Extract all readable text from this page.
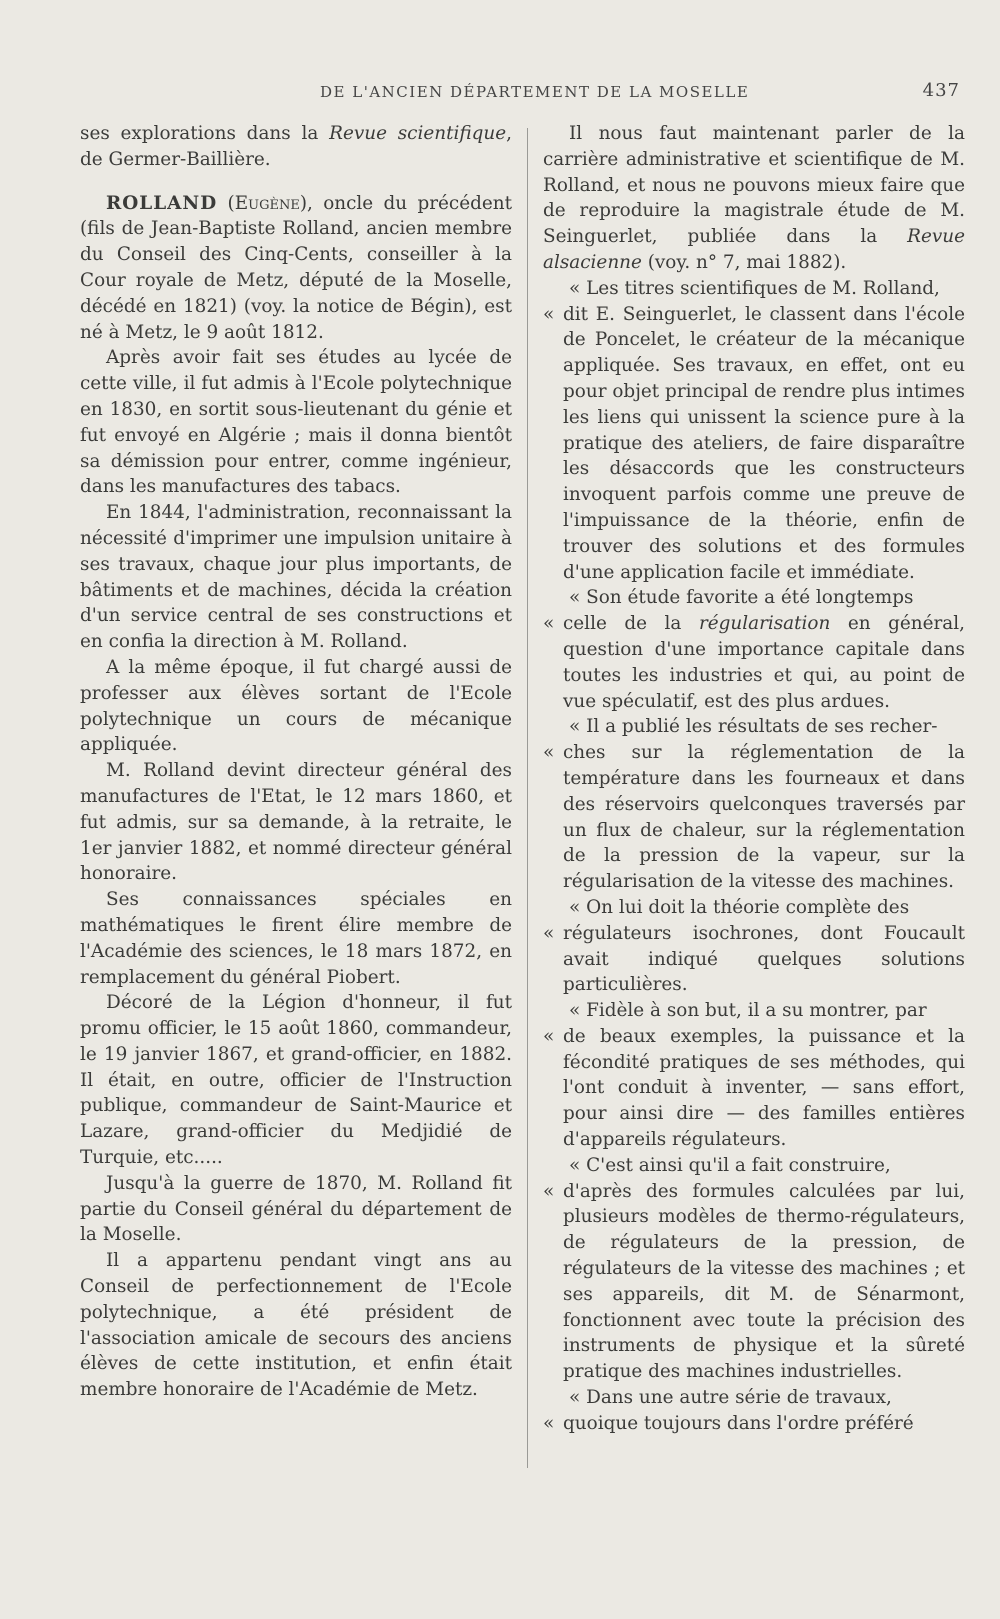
DE L'ANCIEN DÉPARTEMENT DE LA MOSELLE	437

ses explorations dans la Revue scientifique, de Germer-Baillière.

ROLLAND (Eugène), oncle du précédent (fils de Jean-Baptiste Rolland, ancien membre du Conseil des Cinq-Cents, conseiller à la Cour royale de Metz, député de la Moselle, décédé en 1821) (voy. la notice de Bégin), est né à Metz, le 9 août 1812.

Après avoir fait ses études au lycée de cette ville, il fut admis à l'Ecole polytechnique en 1830, en sortit sous-lieutenant du génie et fut envoyé en Algérie ; mais il donna bientôt sa démission pour entrer, comme ingénieur, dans les manufactures des tabacs.

En 1844, l'administration, reconnaissant la nécessité d'imprimer une impulsion unitaire à ses travaux, chaque jour plus importants, de bâtiments et de machines, décida la création d'un service central de ses constructions et en confia la direction à M. Rolland.

A la même époque, il fut chargé aussi de professer aux élèves sortant de l'Ecole polytechnique un cours de mécanique appliquée.

M. Rolland devint directeur général des manufactures de l'Etat, le 12 mars 1860, et fut admis, sur sa demande, à la retraite, le 1er janvier 1882, et nommé directeur général honoraire.

Ses connaissances spéciales en mathématiques le firent élire membre de l'Académie des sciences, le 18 mars 1872, en remplacement du général Piobert.

Décoré de la Légion d'honneur, il fut promu officier, le 15 août 1860, commandeur, le 19 janvier 1867, et grand-officier, en 1882. Il était, en outre, officier de l'Instruction publique, commandeur de Saint-Maurice et Lazare, grand-officier du Medjidié de Turquie, etc.....

Jusqu'à la guerre de 1870, M. Rolland fit partie du Conseil général du département de la Moselle.

Il a appartenu pendant vingt ans au Conseil de perfectionnement de l'Ecole polytechnique, a été président de l'association amicale de secours des anciens élèves de cette institution, et enfin était membre honoraire de l'Académie de Metz.

Il nous faut maintenant parler de la carrière administrative et scientifique de M. Rolland, et nous ne pouvons mieux faire que de reproduire la magistrale étude de M. Seinguerlet, publiée dans la Revue alsacienne (voy. n° 7, mai 1882).

« Les titres scientifiques de M. Rolland,

« dit E. Seinguerlet, le classent dans l'école de Poncelet, le créateur de la mécanique appliquée. Ses travaux, en effet, ont eu pour objet principal de rendre plus intimes les liens qui unissent la science pure à la pratique des ateliers, de faire disparaître les désaccords que les constructeurs invoquent parfois comme une preuve de l'impuissance de la théorie, enfin de trouver des solutions et des formules d'une application facile et immédiate.

« Son étude favorite a été longtemps

« celle de la régularisation en général, question d'une importance capitale dans toutes les industries et qui, au point de vue spéculatif, est des plus ardues.

« Il a publié les résultats de ses recher-

« ches sur la réglementation de la température dans les fourneaux et dans des réservoirs quelconques traversés par un flux de chaleur, sur la réglementation de la pression de la vapeur, sur la régularisation de la vitesse des machines.

« On lui doit la théorie complète des

« régulateurs isochrones, dont Foucault avait indiqué quelques solutions particulières.

« Fidèle à son but, il a su montrer, par

« de beaux exemples, la puissance et la fécondité pratiques de ses méthodes, qui l'ont conduit à inventer, — sans effort, pour ainsi dire — des familles entières d'appareils régulateurs.

« C'est ainsi qu'il a fait construire,

« d'après des formules calculées par lui, plusieurs modèles de thermo-régulateurs, de régulateurs de la pression, de régulateurs de la vitesse des machines ; et ses appareils, dit M. de Sénarmont, fonctionnent avec toute la précision des instruments de physique et la sûreté pratique des machines industrielles.

« Dans une autre série de travaux,

« quoique toujours dans l'ordre préféré
